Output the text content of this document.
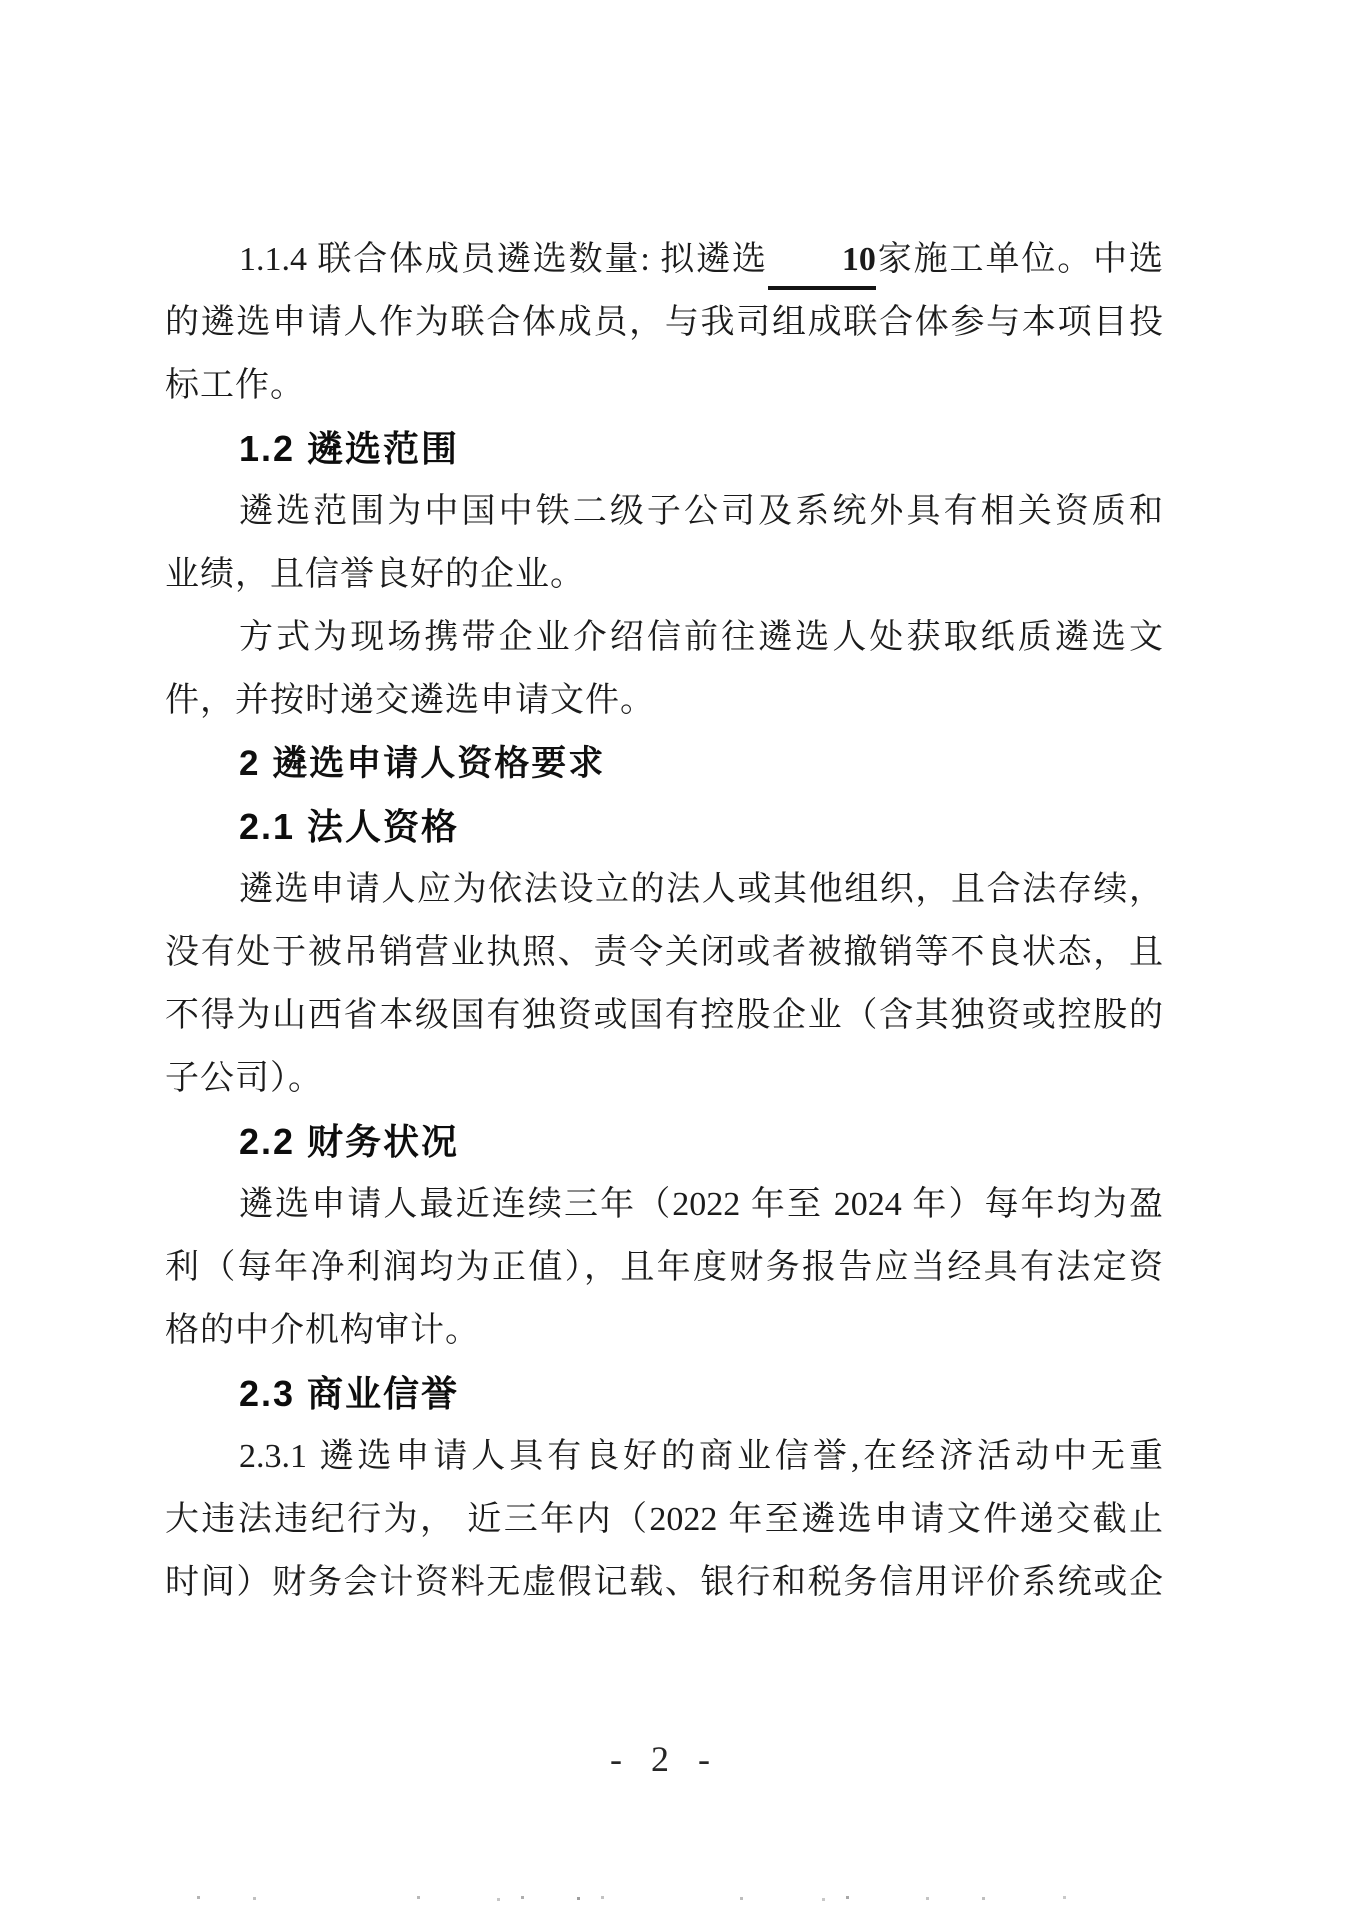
1.1.4 联合体成员遴选数量: 拟遴选 10家施工单位。中选
的遴选申请人作为联合体成员，与我司组成联合体参与本项目投
标工作。
1.2 遴选范围
遴选范围为中国中铁二级子公司及系统外具有相关资质和
业绩，且信誉良好的企业。
方式为现场携带企业介绍信前往遴选人处获取纸质遴选文
件，并按时递交遴选申请文件。
2 遴选申请人资格要求
2.1 法人资格
遴选申请人应为依法设立的法人或其他组织，且合法存续，
没有处于被吊销营业执照、责令关闭或者被撤销等不良状态，且
不得为山西省本级国有独资或国有控股企业（含其独资或控股的
子公司）。
2.2 财务状况
遴选申请人最近连续三年（2022 年至 2024 年）每年均为盈
利（每年净利润均为正值），且年度财务报告应当经具有法定资
格的中介机构审计。
2.3 商业信誉
2.3.1 遴选申请人具有良好的商业信誉,在经济活动中无重
大违法违纪行为， 近三年内（2022 年至遴选申请文件递交截止
时间）财务会计资料无虚假记载、银行和税务信用评价系统或企
- 2 -
